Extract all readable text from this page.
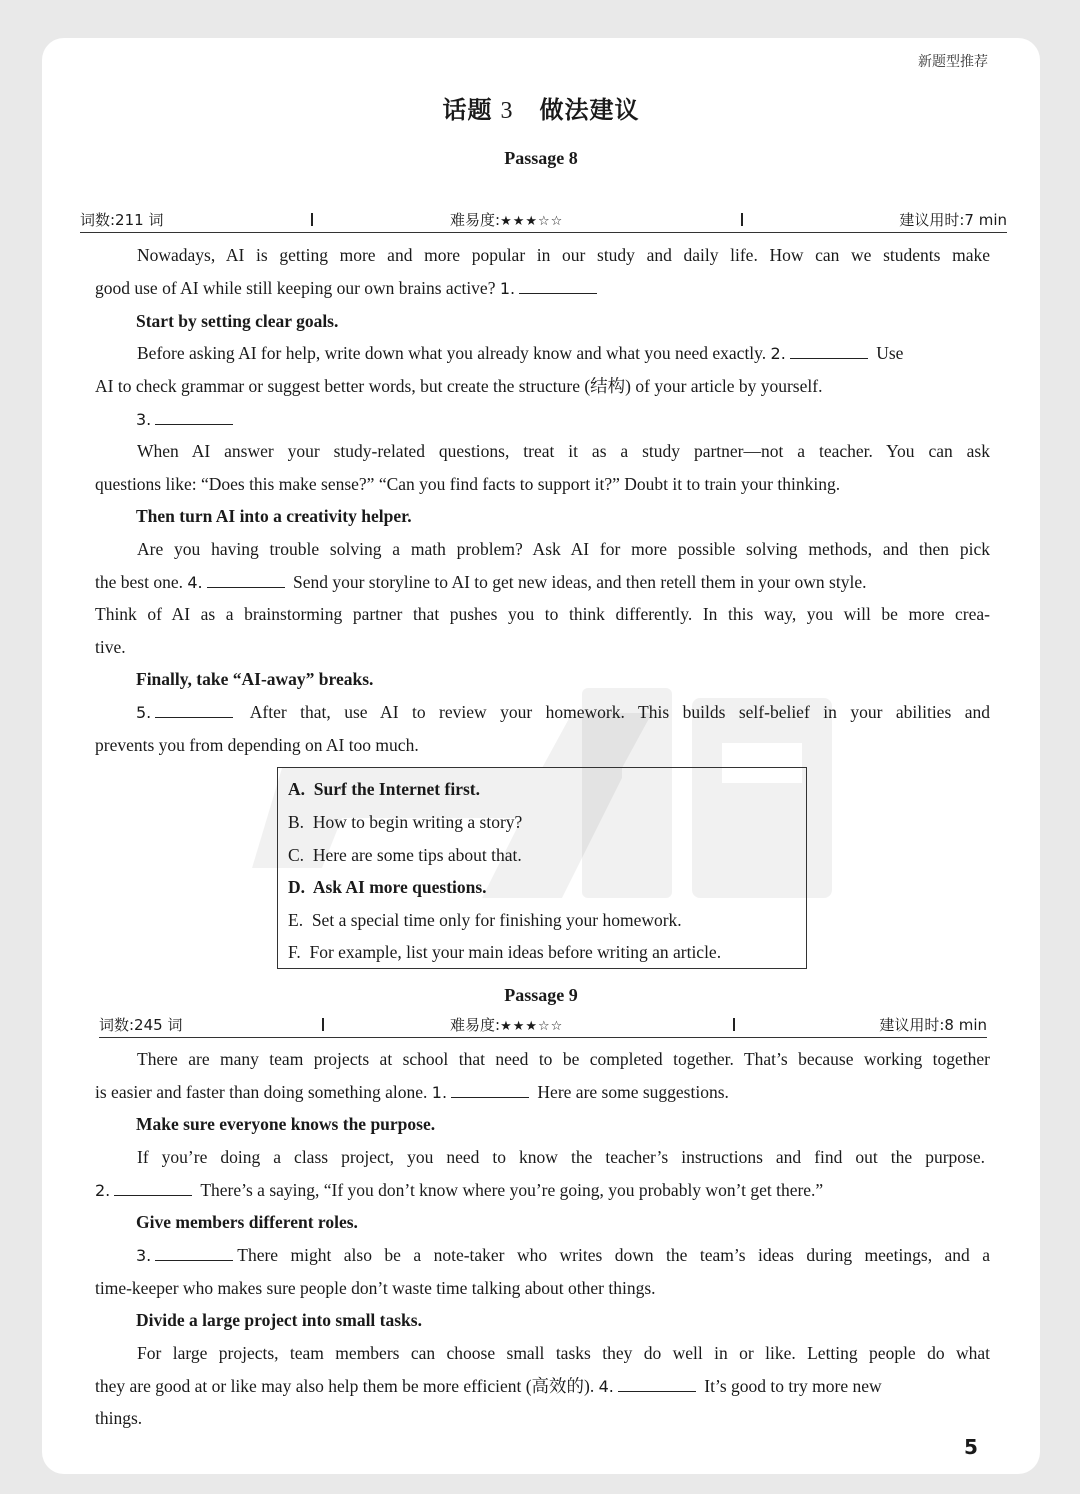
新题型推荐
话题 3 做法建议
Passage 8
词数:211 词	难易度:★★★☆☆	建议用时:7 min
Nowadays, AI is getting more and more popular in our study and daily life. How can we students make
good use of AI while still keeping our own brains active? 1.
Start by setting clear goals.
Before asking AI for help, write down what you already know and what you need exactly. 2.	Use
AI to check grammar or suggest better words, but create the structure (结构) of your article by yourself.
3.
When AI answer your study-related questions, treat it as a study partner—not a teacher. You can ask
questions like: “Does this make sense?” “Can you find facts to support it?” Doubt it to train your thinking.
Then turn AI into a creativity helper.
Are you having trouble solving a math problem? Ask AI for more possible solving methods, and then pick
the best one. 4.	Send your storyline to AI to get new ideas, and then retell them in your own style.
Think of AI as a brainstorming partner that pushes you to think differently. In this way, you will be more crea-
tive.
Finally, take “AI-away” breaks.
5.	After that, use AI to review your homework. This builds self-belief in your abilities and
prevents you from depending on AI too much.
A. Surf the Internet first.
B. How to begin writing a story?
C. Here are some tips about that.
D. Ask AI more questions.
E. Set a special time only for finishing your homework.
F. For example, list your main ideas before writing an article.
Passage 9
词数:245 词	难易度:★★★☆☆	建议用时:8 min
There are many team projects at school that need to be completed together. That’s because working together
is easier and faster than doing something alone. 1.	Here are some suggestions.
Make sure everyone knows the purpose.
If you’re doing a class project, you need to know the teacher’s instructions and find out the purpose.
2.	There’s a saying, “If you don’t know where you’re going, you probably won’t get there.”
Give members different roles.
3.	There might also be a note-taker who writes down the team’s ideas during meetings, and a
time-keeper who makes sure people don’t waste time talking about other things.
Divide a large project into small tasks.
For large projects, team members can choose small tasks they do well in or like. Letting people do what
they are good at or like may also help them be more efficient (高效的). 4.	It’s good to try more new
things.
5
